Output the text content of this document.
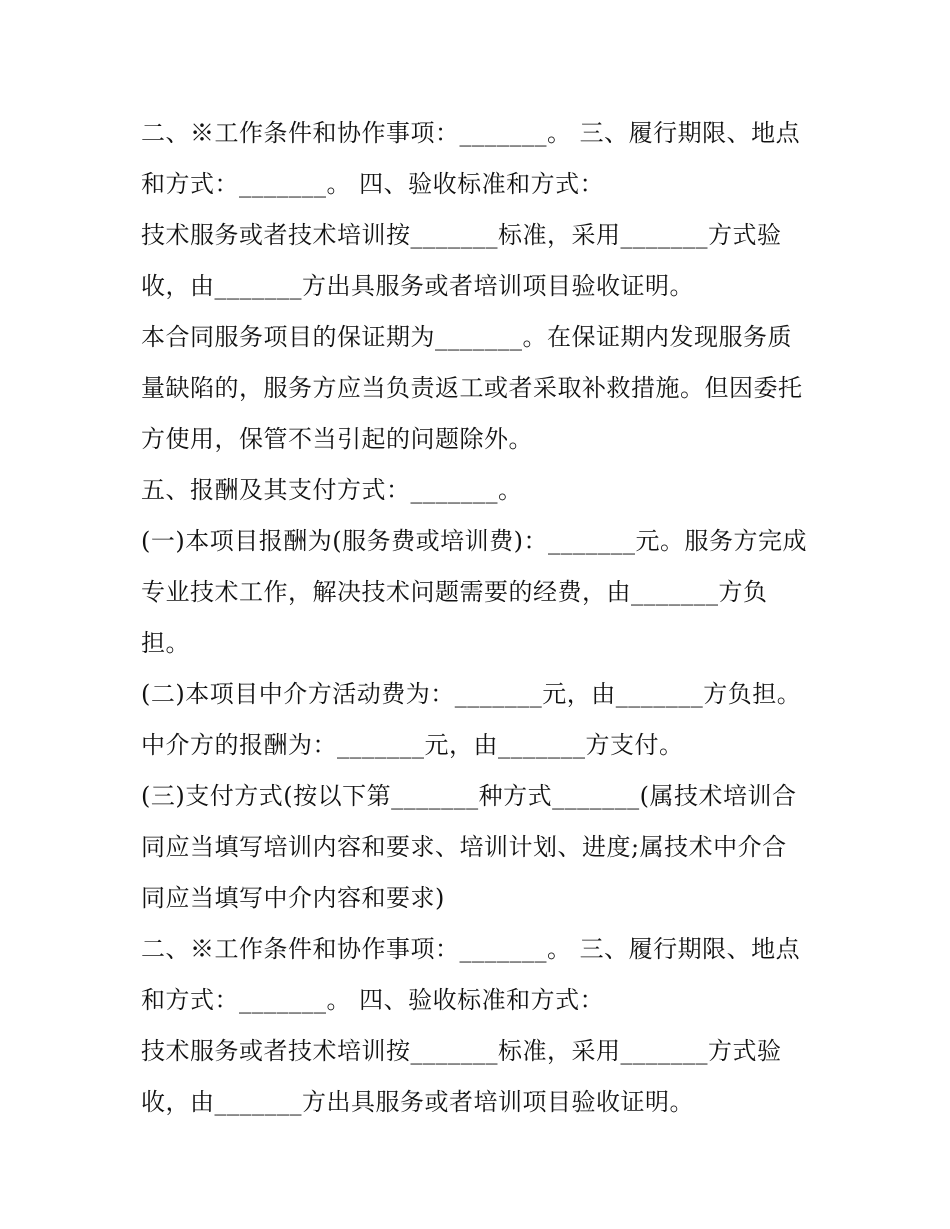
二、※工作条件和协作事项：_______。 三、履行期限、地点
和方式：_______。 四、验收标准和方式：
技术服务或者技术培训按_______标准，采用_______方式验
收，由_______方出具服务或者培训项目验收证明。
本合同服务项目的保证期为_______。在保证期内发现服务质
量缺陷的，服务方应当负责返工或者采取补救措施。但因委托
方使用，保管不当引起的问题除外。
五、报酬及其支付方式：_______。
(一)本项目报酬为(服务费或培训费)：_______元。服务方完成
专业技术工作，解决技术问题需要的经费，由_______方负
担。
(二)本项目中介方活动费为：_______元，由_______方负担。
中介方的报酬为：_______元，由_______方支付。
(三)支付方式(按以下第_______种方式_______(属技术培训合
同应当填写培训内容和要求、培训计划、进度;属技术中介合
同应当填写中介内容和要求)
二、※工作条件和协作事项：_______。 三、履行期限、地点
和方式：_______。 四、验收标准和方式：
技术服务或者技术培训按_______标准，采用_______方式验
收，由_______方出具服务或者培训项目验收证明。
